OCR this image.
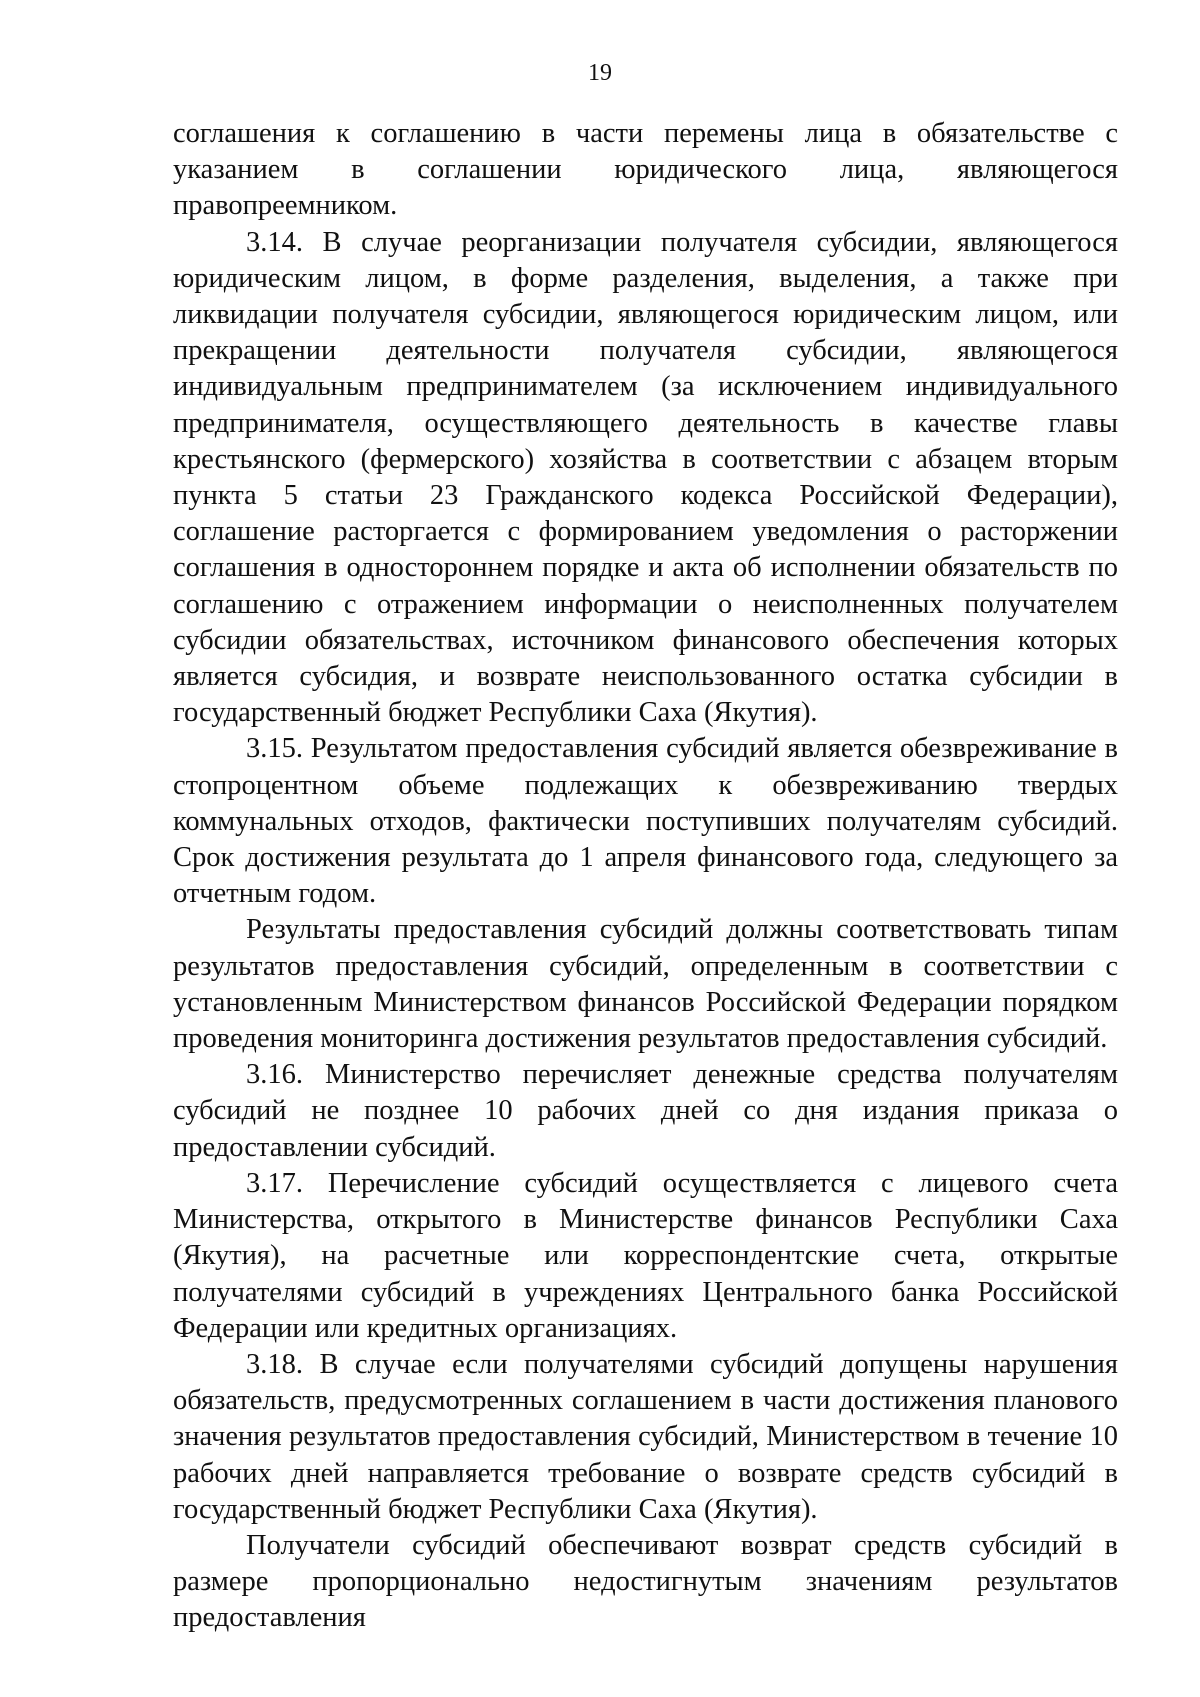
19

соглашения к соглашению в части перемены лица в обязательстве с указанием в соглашении юридического лица, являющегося правопреемником.

3.14. В случае реорганизации получателя субсидии, являющегося юридическим лицом, в форме разделения, выделения, а также при ликвидации получателя субсидии, являющегося юридическим лицом, или прекращении деятельности получателя субсидии, являющегося индивидуальным предпринимателем (за исключением индивидуального предпринимателя, осуществляющего деятельность в качестве главы крестьянского (фермерского) хозяйства в соответствии с абзацем вторым пункта 5 статьи 23 Гражданского кодекса Российской Федерации), соглашение расторгается с формированием уведомления о расторжении соглашения в одностороннем порядке и акта об исполнении обязательств по соглашению с отражением информации о неисполненных получателем субсидии обязательствах, источником финансового обеспечения которых является субсидия, и возврате неиспользованного остатка субсидии в государственный бюджет Республики Саха (Якутия).

3.15. Результатом предоставления субсидий является обезвреживание в стопроцентном объеме подлежащих к обезвреживанию твердых коммунальных отходов, фактически поступивших получателям субсидий. Срок достижения результата до 1 апреля финансового года, следующего за отчетным годом.

Результаты предоставления субсидий должны соответствовать типам результатов предоставления субсидий, определенным в соответствии с установленным Министерством финансов Российской Федерации порядком проведения мониторинга достижения результатов предоставления субсидий.

3.16. Министерство перечисляет денежные средства получателям субсидий не позднее 10 рабочих дней со дня издания приказа о предоставлении субсидий.

3.17. Перечисление субсидий осуществляется с лицевого счета Министерства, открытого в Министерстве финансов Республики Саха (Якутия), на расчетные или корреспондентские счета, открытые получателями субсидий в учреждениях Центрального банка Российской Федерации или кредитных организациях.

3.18. В случае если получателями субсидий допущены нарушения обязательств, предусмотренных соглашением в части достижения планового значения результатов предоставления субсидий, Министерством в течение 10 рабочих дней направляется требование о возврате средств субсидий в государственный бюджет Республики Саха (Якутия).

Получатели субсидий обеспечивают возврат средств субсидий в размере пропорционально недостигнутым значениям результатов предоставления
